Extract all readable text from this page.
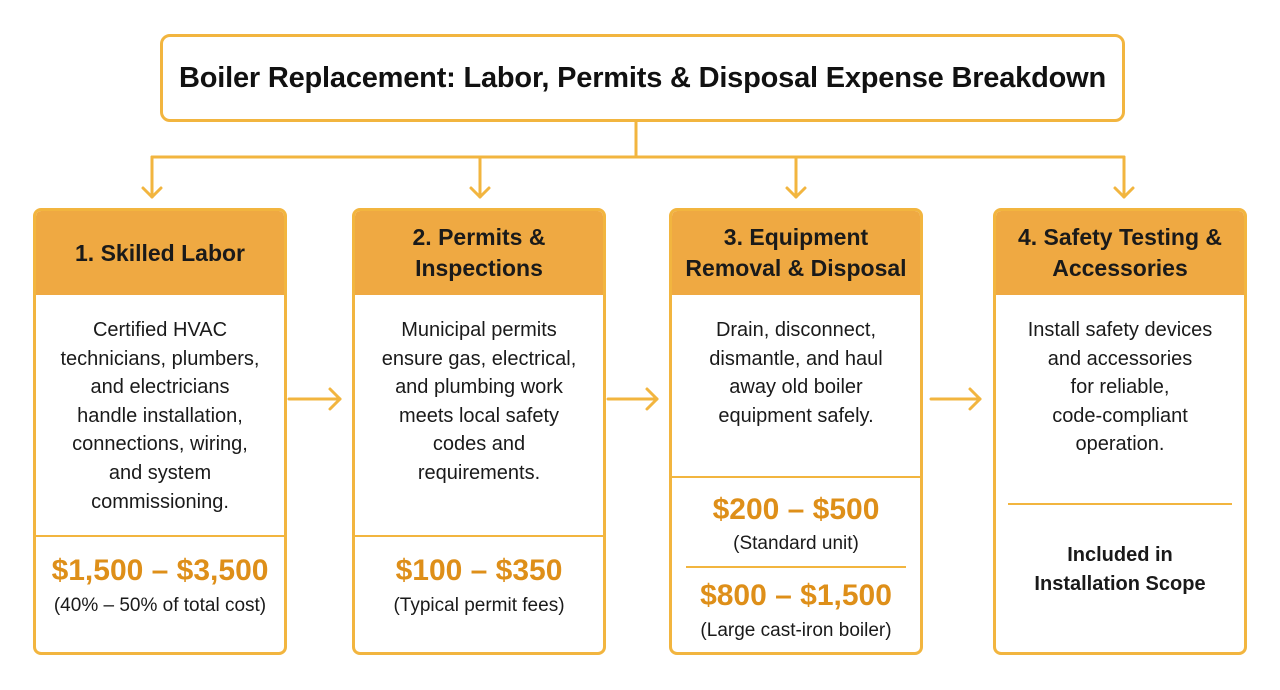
Boiler Replacement: Labor, Permits & Disposal Expense Breakdown
1. Skilled Labor
Certified HVAC
technicians, plumbers,
and electricians
handle installation,
connections, wiring,
and system
commissioning.
$1,500 – $3,500
(40% – 50% of total cost)
2. Permits &
Inspections
Municipal permits
ensure gas, electrical,
and plumbing work
meets local safety
codes and
requirements.
$100 – $350
(Typical permit fees)
3. Equipment
Removal & Disposal
Drain, disconnect,
dismantle, and haul
away old boiler
equipment safely.
$200 – $500
(Standard unit)
$800 – $1,500
(Large cast-iron boiler)
4. Safety Testing &
Accessories
Install safety devices
and accessories
for reliable,
code-compliant
operation.
Included in
Installation Scope
